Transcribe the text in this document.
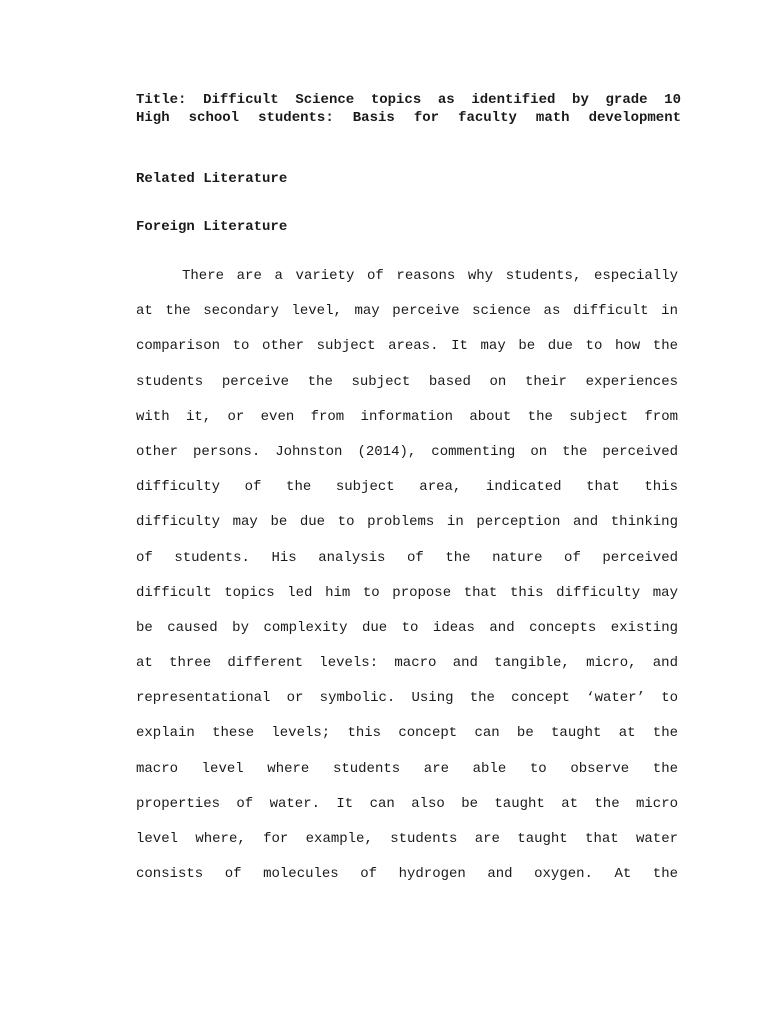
Title: Difficult Science topics as identified by grade 10
High school students: Basis for faculty math development
Related Literature
Foreign Literature
There are a variety of reasons why students, especially
at the secondary level, may perceive science as difficult in
comparison to other subject areas. It may be due to how the
students perceive the subject based on their experiences
with it, or even from information about the subject from
other persons. Johnston (2014), commenting on the perceived
difficulty of the subject area, indicated that this
difficulty may be due to problems in perception and thinking
of students. His analysis of the nature of perceived
difficult topics led him to propose that this difficulty may
be caused by complexity due to ideas and concepts existing
at three different levels: macro and tangible, micro, and
representational or symbolic. Using the concept ‘water’ to
explain these levels; this concept can be taught at the
macro level where students are able to observe the
properties of water. It can also be taught at the micro
level where, for example, students are taught that water
consists of molecules of hydrogen and oxygen. At the
